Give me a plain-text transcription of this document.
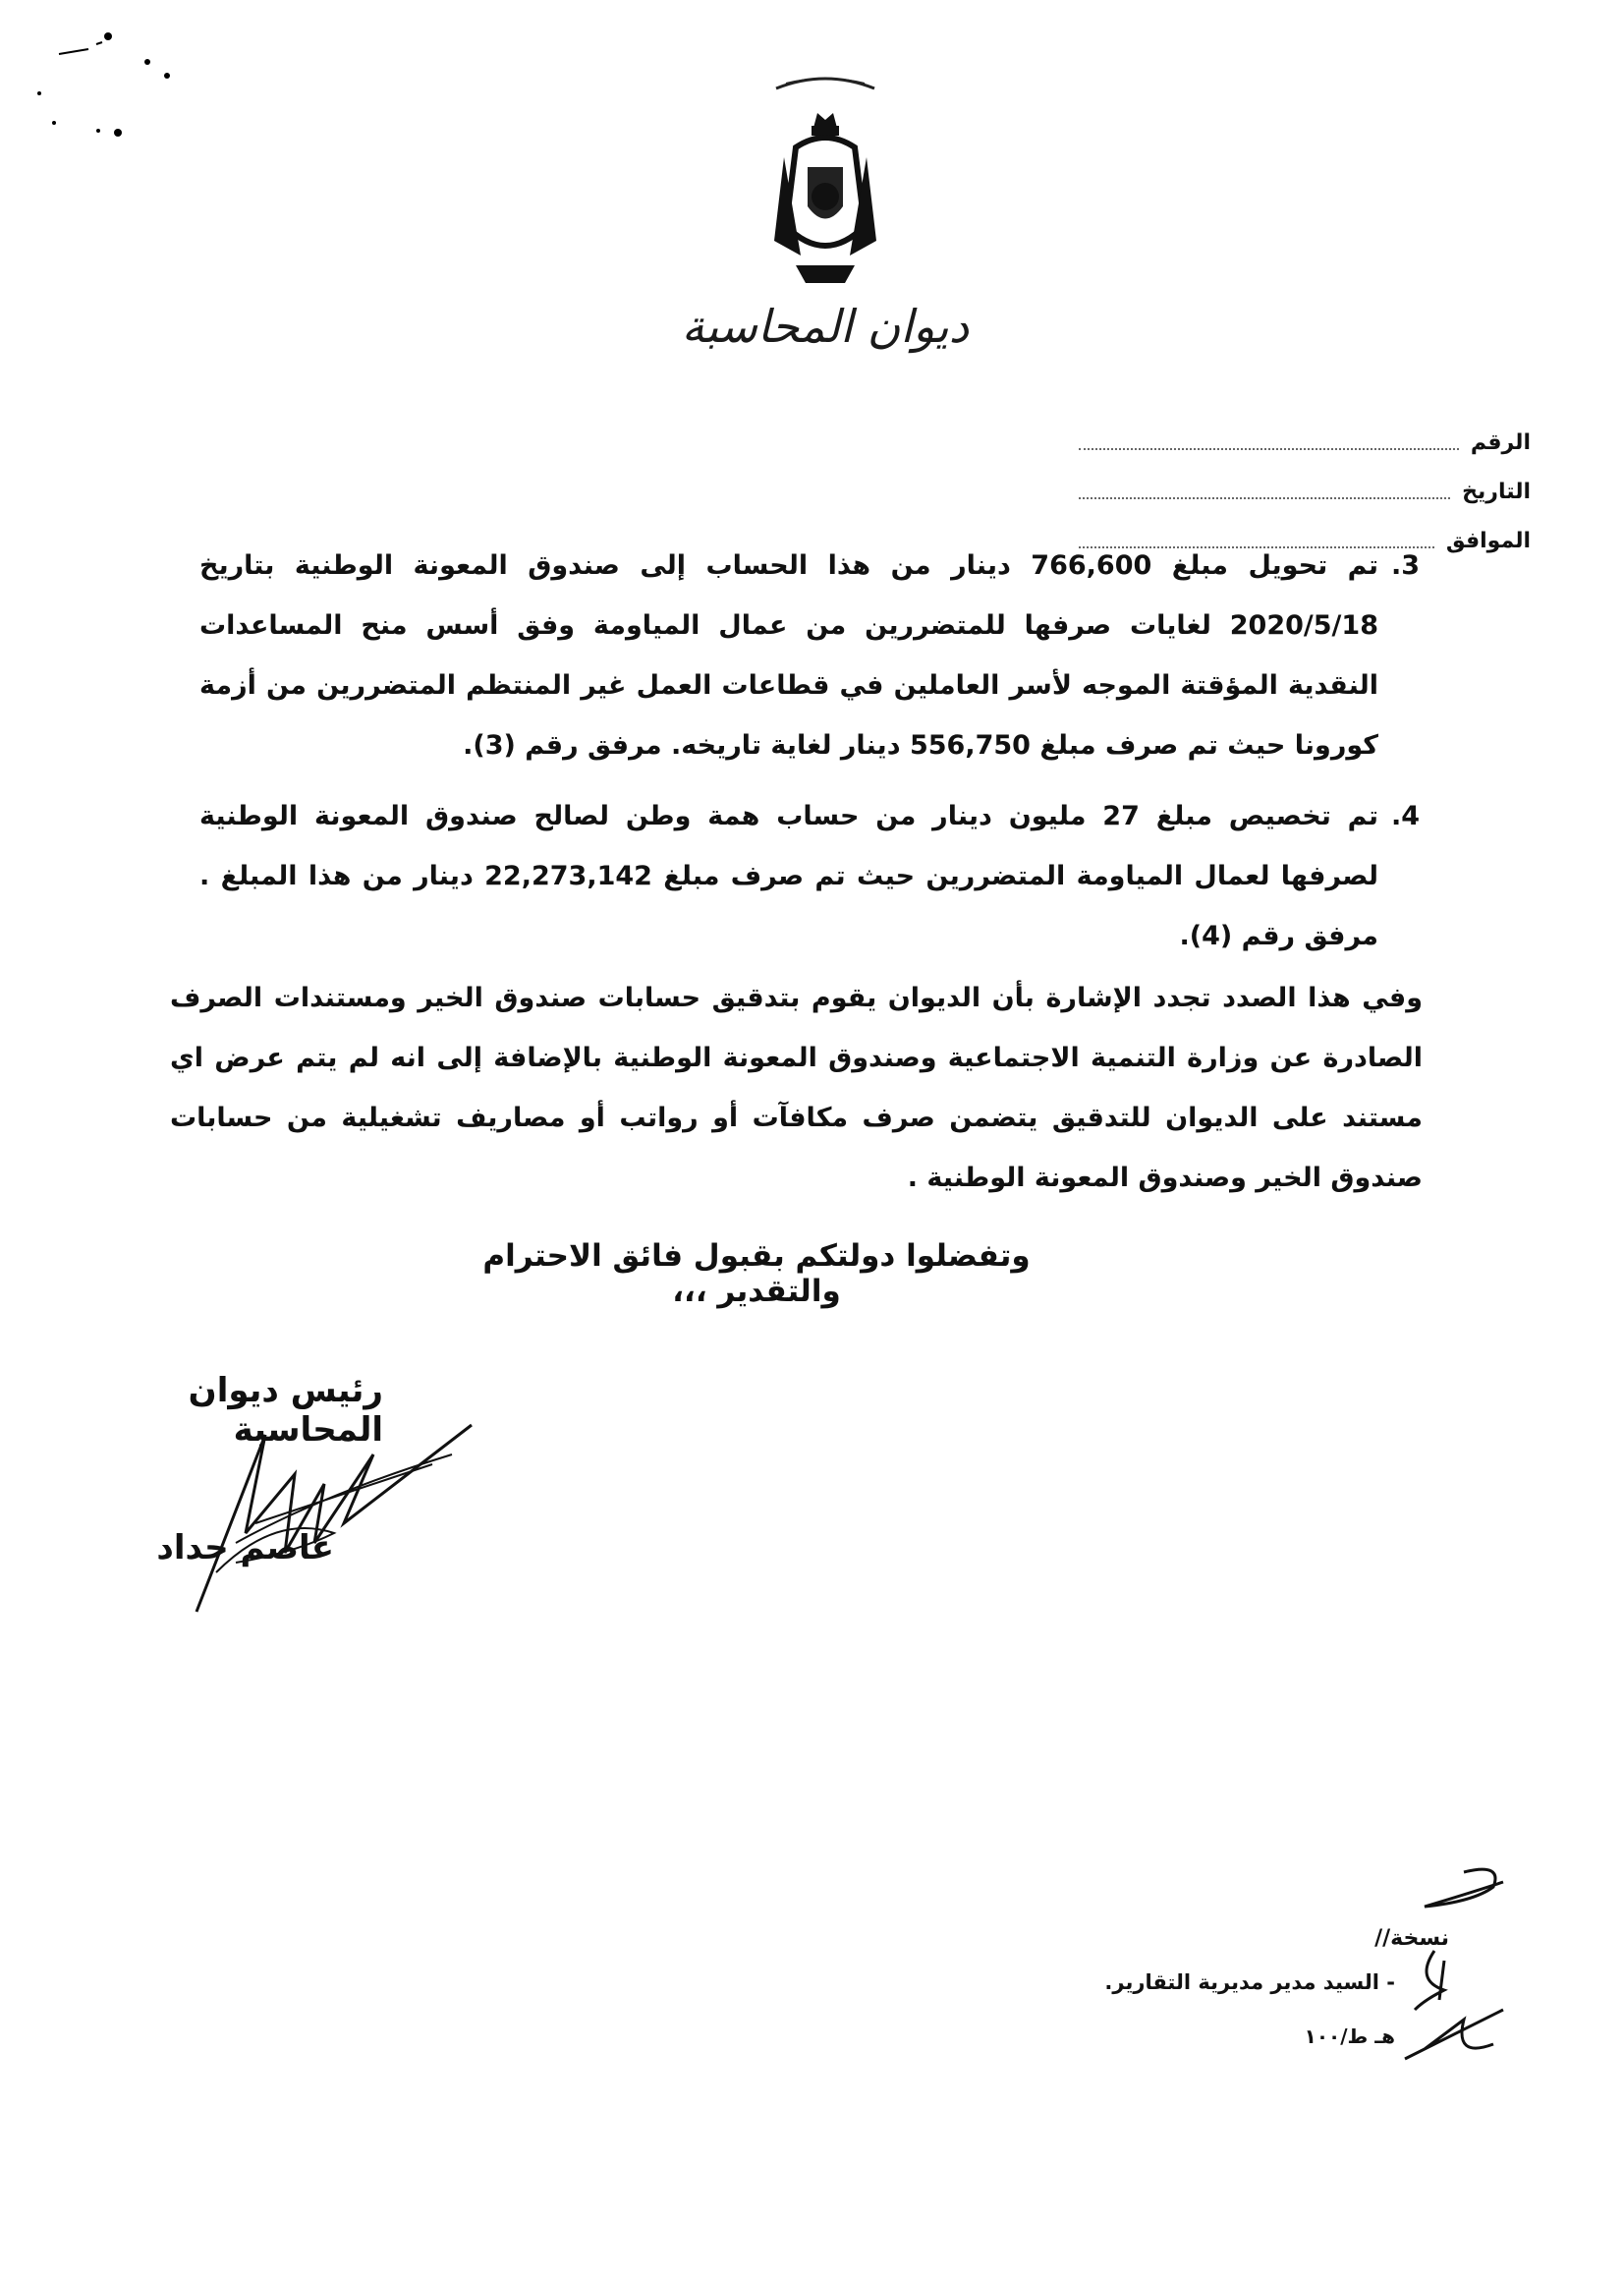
ديوان المحاسبة
الرقم
التاريخ
الموافق
3.
تم تحويل مبلغ 766,600 دينار من هذا الحساب إلى صندوق المعونة الوطنية بتاريخ 2020/5/18 لغايات صرفها للمتضررين من عمال المياومة وفق أسس منح المساعدات النقدية المؤقتة الموجه لأسر العاملين في قطاعات العمل غير المنتظم المتضررين من أزمة كورونا حيث تم صرف مبلغ 556,750 دينار لغاية تاريخه. مرفق رقم (3).
4.
تم تخصيص مبلغ 27 مليون دينار من حساب همة وطن لصالح صندوق المعونة الوطنية لصرفها لعمال المياومة المتضررين حيث تم صرف مبلغ 22,273,142 دينار من هذا المبلغ . مرفق رقم (4).
وفي هذا الصدد تجدد الإشارة بأن الديوان يقوم بتدقيق حسابات صندوق الخير ومستندات الصرف الصادرة عن وزارة التنمية الاجتماعية وصندوق المعونة الوطنية بالإضافة إلى انه لم يتم عرض اي مستند على الديوان للتدقيق يتضمن صرف مكافآت أو رواتب أو مصاريف تشغيلية من حسابات صندوق الخير وصندوق المعونة الوطنية .
وتفضلوا دولتكم بقبول فائق الاحترام والتقدير ،،،
رئيس ديوان المحاسبة
عاصم حداد
نسخة//
- السيد مدير مديرية التقارير.
هـ ط/١٠٠
